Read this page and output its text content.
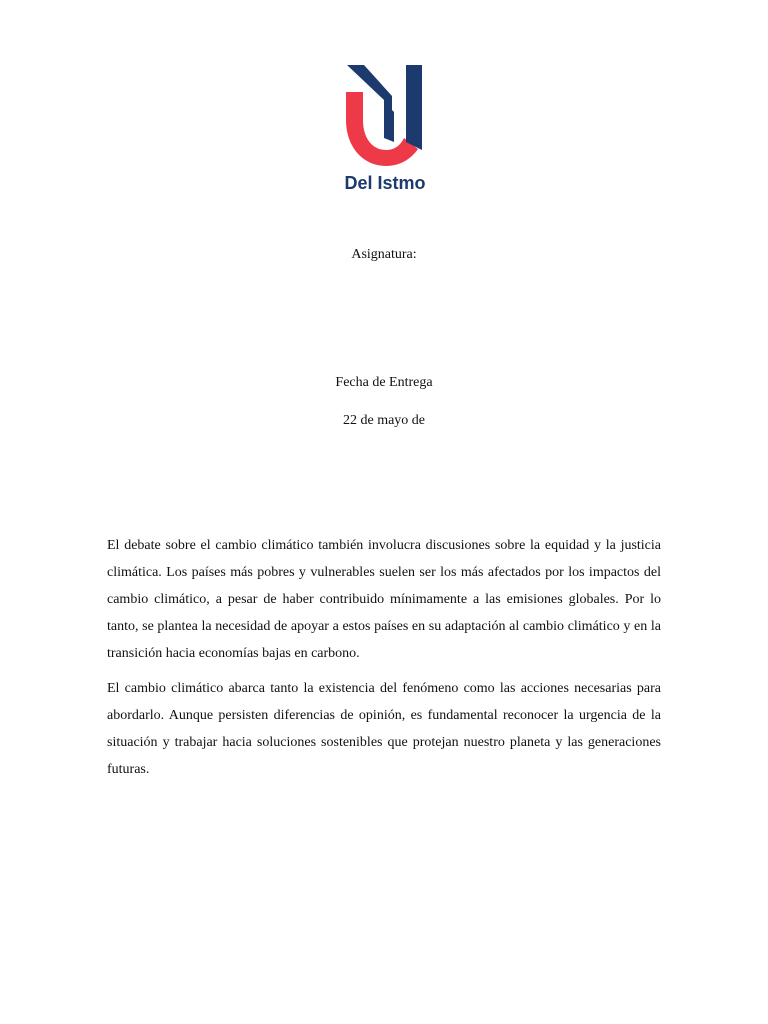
Del Istmo
Asignatura:
Fecha de Entrega
22 de mayo de

El debate sobre el cambio climático también involucra discusiones sobre la equidad y la justicia climática. Los países más pobres y vulnerables suelen ser los más afectados por los impactos del cambio climático, a pesar de haber contribuido mínimamente a las emisiones globales. Por lo tanto, se plantea la necesidad de apoyar a estos países en su adaptación al cambio climático y en la transición hacia economías bajas en carbono.

El cambio climático abarca tanto la existencia del fenómeno como las acciones necesarias para abordarlo. Aunque persisten diferencias de opinión, es fundamental reconocer la urgencia de la situación y trabajar hacia soluciones sostenibles que protejan nuestro planeta y las generaciones futuras.
